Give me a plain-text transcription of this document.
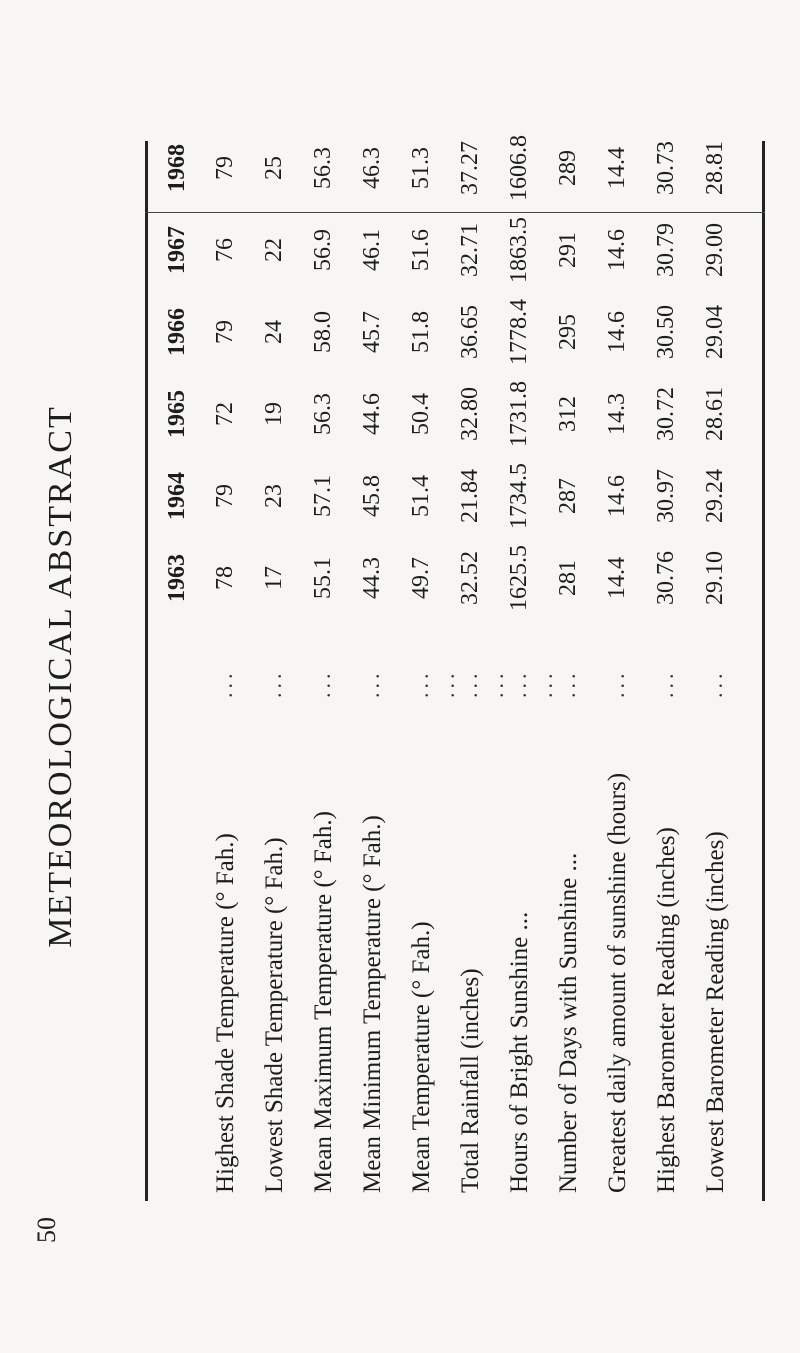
50
METEOROLOGICAL ABSTRACT	1963
1964
1965
1966
1967
1968
78
79
72
79
76
79
Highest Shade Temperature (° Fah.)
...
17
23
19
24
22
25
Lowest Shade Temperature (° Fah.)
...
55.1
57.1
56.3
58.0
56.9
56.3
Mean Maximum Temperature (° Fah.)
...
44.3
45.8
44.6
45.7
46.1
46.3
Mean Minimum Temperature (° Fah.)
...
49.7
51.4
50.4
51.8
51.6
51.3
Mean Temperature (° Fah.)
... ...
32.52
21.84
32.80
36.65
32.71
37.27
Total Rainfall (inches)
... ...
1625.5
1734.5
1731.8
1778.4
1863.5
1606.8
Hours of Bright Sunshine ...
... ...
281
287
312
295
291
289
Number of Days with Sunshine ...
...
14.4
14.6
14.3
14.6
14.6
14.4
Greatest daily amount of sunshine (hours)
...
30.76
30.97
30.72
30.50
30.79
30.73
Highest Barometer Reading (inches)
...
29.10
29.24
28.61
29.04
29.00
28.81
Lowest Barometer Reading (inches)
...
